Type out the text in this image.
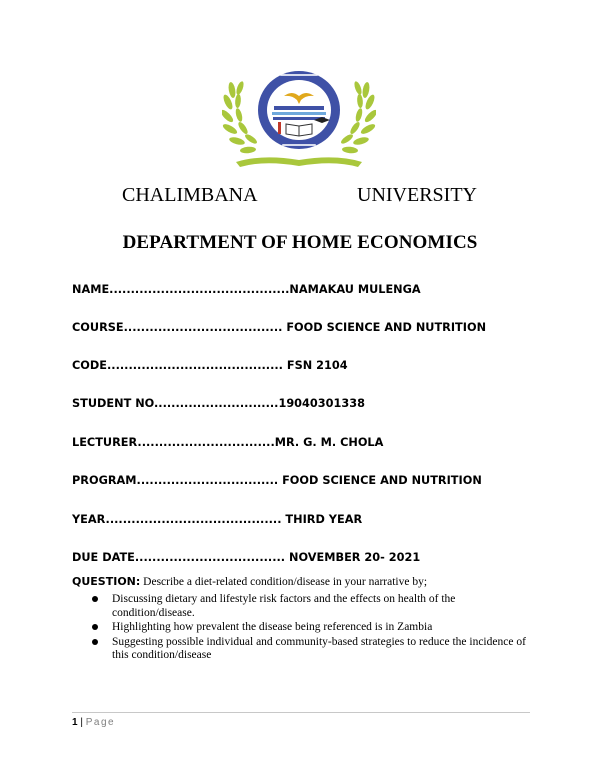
CHALIMBANA	UNIVERSITY
DEPARTMENT OF HOME ECONOMICS
NAME..........................................NAMAKAU MULENGA
COURSE..................................... FOOD SCIENCE AND NUTRITION
CODE......................................... FSN 2104
STUDENT NO.............................19040301338
LECTURER................................MR. G. M. CHOLA
PROGRAM................................. FOOD SCIENCE AND NUTRITION
YEAR......................................... THIRD YEAR
DUE DATE................................... NOVEMBER 20- 2021
QUESTION: Describe a diet-related condition/disease in your narrative by;
Discussing dietary and lifestyle risk factors and the effects on health of the condition/disease.
Highlighting how prevalent the disease being referenced is in Zambia
Suggesting possible individual and community-based strategies to reduce the incidence of this condition/disease
1 | Page
